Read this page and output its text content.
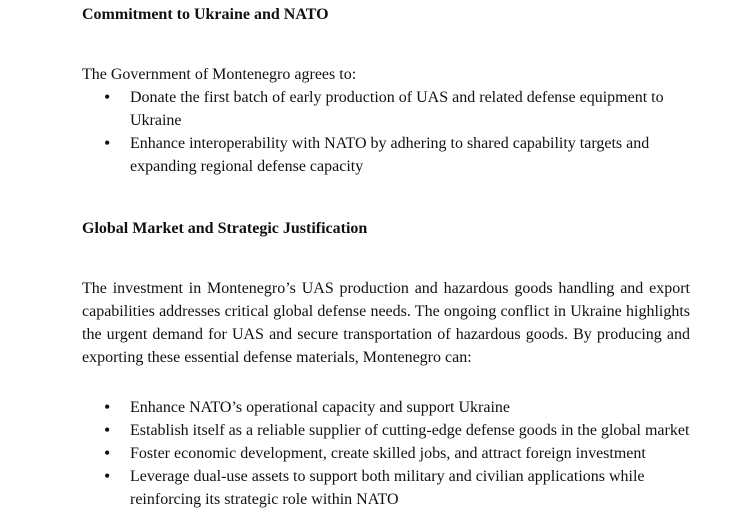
Commitment to Ukraine and NATO
The Government of Montenegro agrees to:
• Donate the first batch of early production of UAS and related defense equipment to Ukraine
• Enhance interoperability with NATO by adhering to shared capability targets and expanding regional defense capacity
Global Market and Strategic Justification
The investment in Montenegro’s UAS production and hazardous goods handling and export capabilities addresses critical global defense needs. The ongoing conflict in Ukraine highlights the urgent demand for UAS and secure transportation of hazardous goods. By producing and exporting these essential defense materials, Montenegro can:
• Enhance NATO’s operational capacity and support Ukraine
• Establish itself as a reliable supplier of cutting-edge defense goods in the global market
• Foster economic development, create skilled jobs, and attract foreign investment
• Leverage dual-use assets to support both military and civilian applications while reinforcing its strategic role within NATO
